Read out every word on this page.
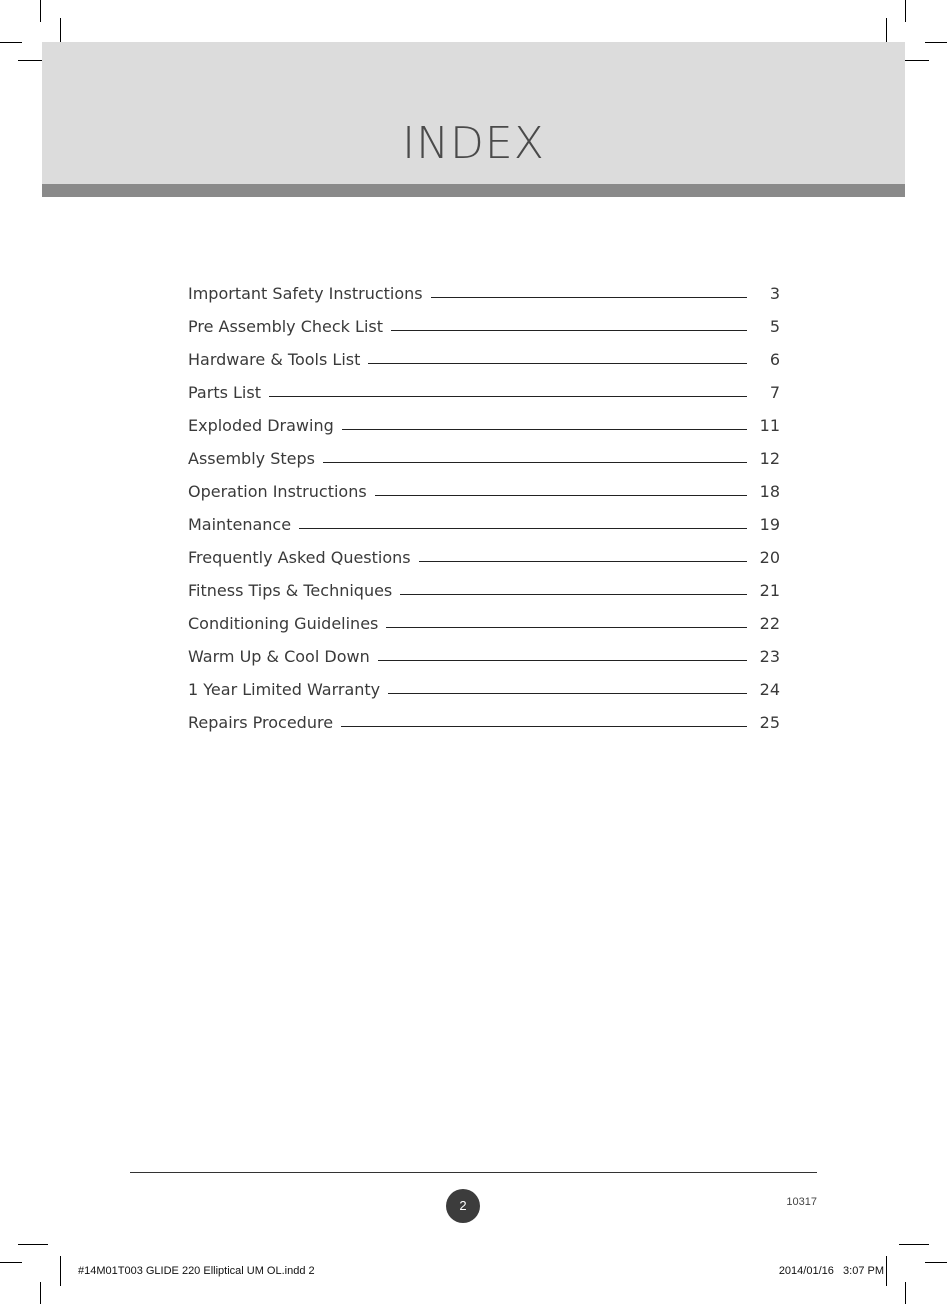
INDEX
Important Safety Instructions	3
Pre Assembly Check List	5
Hardware & Tools List	6
Parts List	7
Exploded Drawing	11
Assembly Steps	12
Operation Instructions	18
Maintenance	19
Frequently Asked Questions	20
Fitness Tips & Techniques	21
Conditioning Guidelines	22
Warm Up & Cool Down	23
1 Year Limited Warranty	24
Repairs Procedure	25
2	10317
#14M01T003 GLIDE 220 Elliptical UM OL.indd 2	2014/01/16   3:07 PM
